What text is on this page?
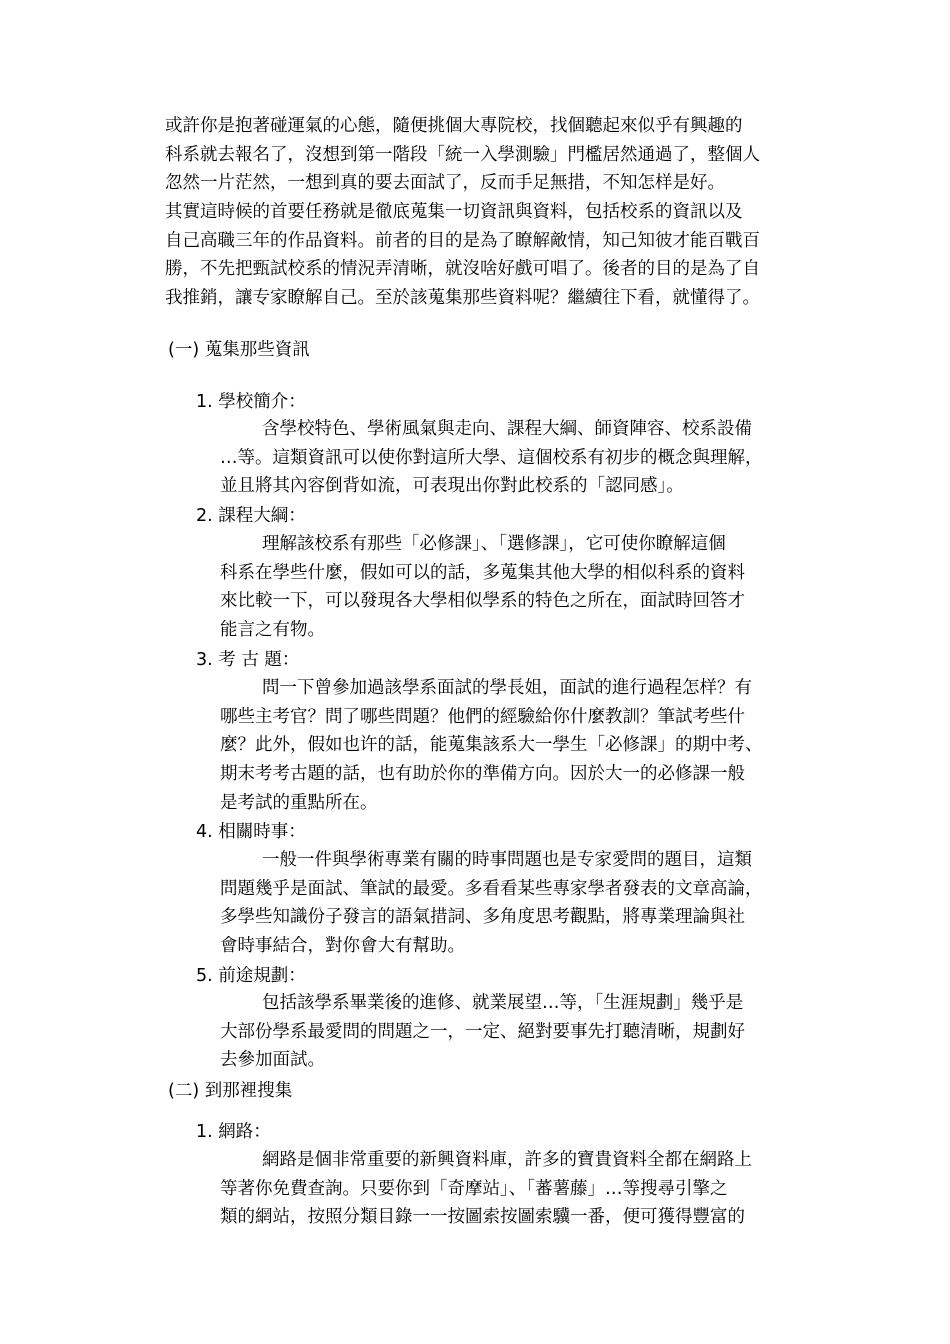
或許你是抱著碰運氣的心態，隨便挑個大專院校，找個聽起來似乎有興趣的
科系就去報名了，沒想到第一階段「統一入學測驗」門檻居然通過了，整個人
忽然一片茫然，一想到真的要去面試了，反而手足無措，不知怎样是好。
其實這時候的首要任務就是徹底蒐集一切資訊與資料，包括校系的資訊以及
自己高職三年的作品資料。前者的目的是為了瞭解敵情，知己知彼才能百戰百
勝，不先把甄試校系的情況弄清晰，就沒啥好戲可唱了。後者的目的是為了自
我推銷，讓专家瞭解自己。至於該蒐集那些資料呢？繼續往下看，就懂得了。
(一) 蒐集那些資訊
1. 學校簡介：
含學校特色、學術風氣與走向、課程大綱、師資陣容、校系設備
…等。這類資訊可以使你對這所大學、這個校系有初步的概念與理解，
並且將其內容倒背如流，可表現出你對此校系的「認同感」。
2. 課程大綱：
理解該校系有那些「必修課」、「選修課」，它可使你瞭解這個
科系在學些什麼，假如可以的話，多蒐集其他大學的相似科系的資料
來比較一下，可以發現各大學相似學系的特色之所在，面試時回答才
能言之有物。
3. 考 古 題：
問一下曾參加過該學系面試的學長姐，面試的進行過程怎样？有
哪些主考官？問了哪些問題？他們的經驗給你什麼教訓？筆試考些什
麼？此外，假如也许的話，能蒐集該系大一學生「必修課」的期中考、
期末考考古題的話，也有助於你的準備方向。因於大一的必修課一般
是考試的重點所在。
4. 相關時事：
一般一件與學術專業有關的時事問題也是专家愛問的題目，這類
問題幾乎是面試、筆試的最愛。多看看某些專家學者發表的文章高論，
多學些知識份子發言的語氣措詞、多角度思考觀點，將專業理論與社
會時事結合，對你會大有幫助。
5. 前途規劃：
包括該學系畢業後的進修、就業展望…等，「生涯規劃」幾乎是
大部份學系最愛問的問題之一，一定、絕對要事先打聽清晰，規劃好
去參加面試。
(二) 到那裡搜集
1. 網路：
網路是個非常重要的新興資料庫，許多的寶貴資料全都在網路上
等著你免費查詢。只要你到「奇摩站」、「蕃薯藤」…等搜尋引擎之
類的網站，按照分類目錄一一按圖索按圖索驥一番，便可獲得豐富的
